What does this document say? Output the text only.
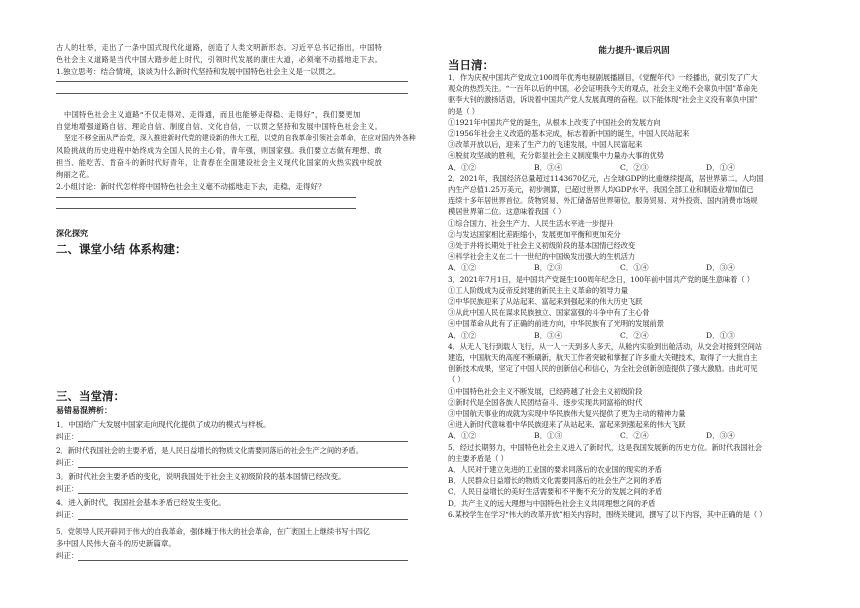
古人的壮举，走出了一条中国式现代化道路，创造了人类文明新形态。习近平总书记指出，中国特
色社会主义道路是当代中国大踏步赶上时代，引领时代发展的康庄大道，必须毫不动摇地走下去。
1.独立思考：结合情境，谈谈为什么新时代坚持和发展中国特色社会主义是一以贯之。
中国特色社会主义道路“不仅走得对、走得通，而且也能够走得稳、走得好”，我们要更加
自觉地增强道路自信、理论自信、制度自信、文化自信，一以贯之坚持和发展中国特色社会主义。
坚定不移全面从严治党，深入推进新时代党的建设新的伟大工程，以党的自我革命引领社会革命，在应对国内外各种
风险挑战的历史进程中始终成为全国人民的主心骨，青年强，则国家强。我们要立志做有理想、敢
担当、能吃苦、肯奋斗的新时代好青年，让青春在全面建设社会主义现代化国家的火热实践中绽放
绚丽之花。
2.小组讨论：新时代怎样将中国特色社会主义毫不动摇地走下去，走稳、走得好？
深化探究
二、课堂小结 体系构建：
三、当堂清：
易错易混辨析：
1．中国给广大发展中国家走向现代化提供了成功的模式与样板。
纠正：
2．新时代我国社会的主要矛盾，是人民日益增长的物质文化需要同落后的社会生产之间的矛盾。
纠正：
3．新时代社会主要矛盾的变化，说明我国处于社会主义初级阶段的基本国情已经改变。
纠正：
4．进入新时代，我国社会基本矛盾已经发生变化。
纠正：
5．党领导人民开辟同于伟大的自我革命，强体魄于伟大的社会革命，在广袤国土上继续书写十四亿
多中国人民伟大奋斗的历史新篇章。
纠正：
能力提升·课后巩固
当日清：
1．作为庆祝中国共产党成立100周年优秀电视剧展播剧目，《觉醒年代》一经播出，就引发了广大
观众的热烈关注。“一百年以后的中国，必会证明我今天的观点，社会主义绝不会辜负中国”革命先
驱李大钊的激扬话语，诉说着中国共产党人发展真理的奋程。以下能体现“社会主义没有辜负中国”
的是（ ）
①1921年中国共产党的诞生，从根本上改变了中国社会的发展方向
②1956年社会主义改造的基本完成，标志着新中国的诞生，中国人民站起来
③改革开放以后，迎来了生产力的飞速发展，中国人民富起来
④脱贫攻坚战的胜利，充分彰显社会主义制度集中力量办大事的优势
A．①②	B．③④	C．②③	D．①④
2．2021年，我国经济总量超过1143670亿元，占全球GDP的比重继续提高，居世界第二。人均国
内生产总值1.25万美元，初步测算，已超过世界人均GDP水平。我国全部工业和制造业增加值已
连续十多年居世界首位。货物贸易、外汇储备居世界第位，服务贸易、对外投资、国内消费市场规
模居世界第二位。这意味着我国（ ）
①综合国力、社会生产力、人民生活水平进一步提升
②与发达国家相比差距缩小，发展更加平衡和更加充分
③处于并将长期处于社会主义初级阶段的基本国情已经改变
④科学社会主义在二十一世纪的中国焕发出强大的生机活力
A．①②	B．②③	C．①④	D．③④
3．2021年7月1日，是中国共产党诞生100周年纪念日，100年前中国共产党的诞生意味着（ ）
①工人阶级成为反帝反封建的新民主主义革命的领导力量
②中华民族迎来了从站起来、富起来到强起来的伟大历史飞跃
③从此中国人民在谋求民族独立、国家富强的斗争中有了主心骨
④中国革命从此有了正确的前进方向，中华民族有了光明的发展前景
A．①②	B．③④	C．②④	D．①③
4．从无人飞行到载人飞行，从一人一天到多人多天，从舱内实验到出舱活动，从交会对接到空间站
建造，中国航天的高度不断刷新，航天工作者突破和掌握了许多重大关键技术，取得了一大批自主
创新技术成果，坚定了中国人民的创新信心和信心，为全社会创新创造提供了强大激励。由此可见
（ ）
①中国特色社会主义不断发展，已经跨越了社会主义初级阶段
②新时代是全国各族人民团结奋斗、逐步实现共同富裕的时代
③中国航天事业的成就为实现中华民族伟大复兴提供了更为主动的精神力量
④进入新时代意味着中华民族迎来了从站起来、富起来到强起来的伟大飞跃
A．①②	B．①③	C．②④	D．③④
5．经过长期努力，中国特色社会主义进入了新时代，这是我国发展新的历史方位。新时代我国社会
的主要矛盾是（ ）
A．人民对于建立先进的工业国的要求同落后的农业国的现实的矛盾
B．人民群众日益增长的物质文化需要同落后的社会生产之间的矛盾
C．人民日益增长的美好生活需要和不平衡不充分的发展之间的矛盾
D．共产主义的远大理想与中国特色社会主义共同理想之间的矛盾
6.某校学生在学习“伟大的改革开放”相关内容时，围绕关键词，撰写了以下内容，其中正确的是（ ）
